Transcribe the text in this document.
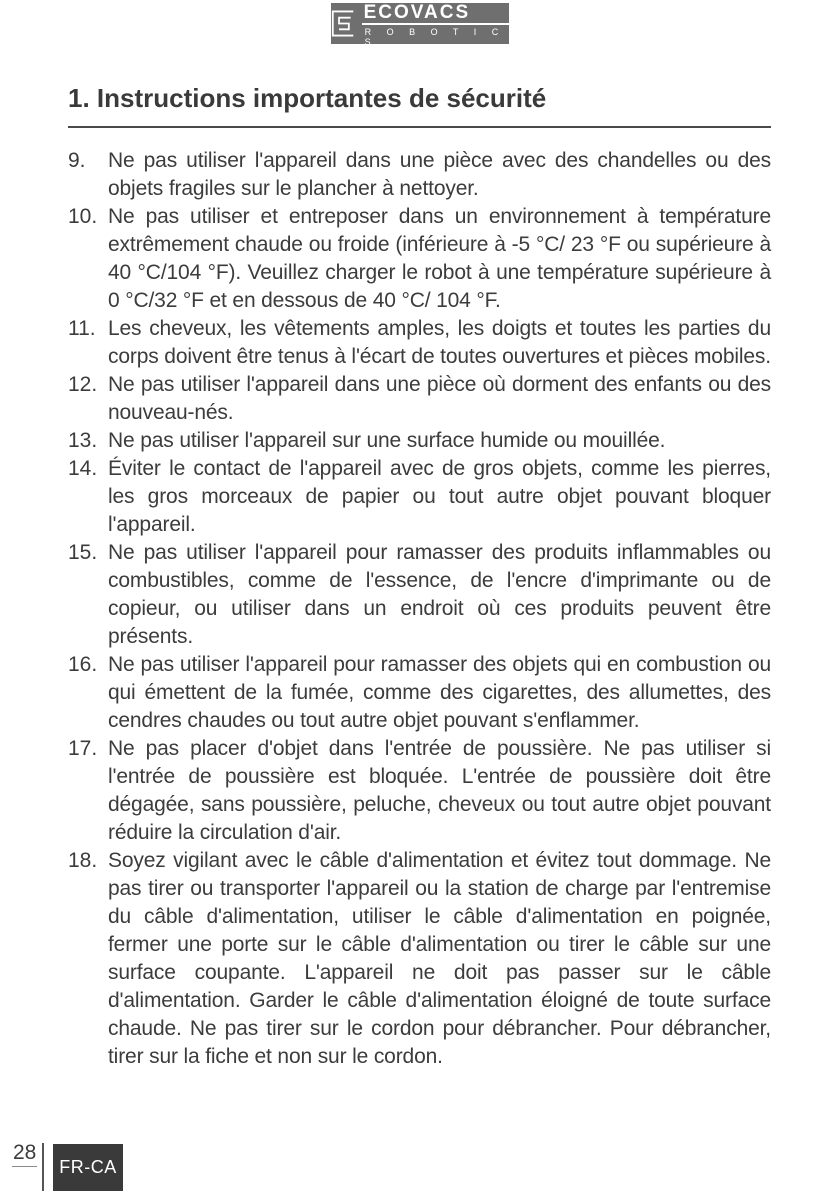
ECOVACS
R O B O T I C S
1. Instructions importantes de sécurité
9.	Ne pas utiliser l'appareil dans une pièce avec des chandelles ou des objets fragiles sur le plancher à nettoyer.
10. Ne pas utiliser et entreposer dans un environnement à température extrêmement chaude ou froide (inférieure à -5 °C/ 23 °F ou supérieure à 40 °C/104 °F). Veuillez charger le robot à une température supérieure à 0 °C/32 °F et en dessous de 40 °C/ 104 °F.
11. Les cheveux, les vêtements amples, les doigts et toutes les parties du corps doivent être tenus à l'écart de toutes ouvertures et pièces mobiles.
12. Ne pas utiliser l'appareil dans une pièce où dorment des enfants ou des nouveau-nés.
13. Ne pas utiliser l'appareil sur une surface humide ou mouillée.
14. Éviter le contact de l'appareil avec de gros objets, comme les pierres, les gros morceaux de papier ou tout autre objet pouvant bloquer l'appareil.
15. Ne pas utiliser l'appareil pour ramasser des produits inflammables ou combustibles, comme de l'essence, de l'encre d'imprimante ou de copieur, ou utiliser dans un endroit où ces produits peuvent être présents.
16. Ne pas utiliser l'appareil pour ramasser des objets qui en combustion ou qui émettent de la fumée, comme des cigarettes, des allumettes, des cendres chaudes ou tout autre objet pouvant s'enflammer.
17. Ne pas placer d'objet dans l'entrée de poussière. Ne pas utiliser si l'entrée de poussière est bloquée. L'entrée de poussière doit être dégagée, sans poussière, peluche, cheveux ou tout autre objet pouvant réduire la circulation d'air.
18. Soyez vigilant avec le câble d'alimentation et évitez tout dommage. Ne pas tirer ou transporter l'appareil ou la station de charge par l'entremise du câble d'alimentation, utiliser le câble d'alimentation en poignée, fermer une porte sur le câble d'alimentation ou tirer le câble sur une surface coupante. L'appareil ne doit pas passer sur le câble d'alimentation. Garder le câble d'alimentation éloigné de toute surface chaude. Ne pas tirer sur le cordon pour débrancher. Pour débrancher, tirer sur la fiche et non sur le cordon.
28
FR-CA
